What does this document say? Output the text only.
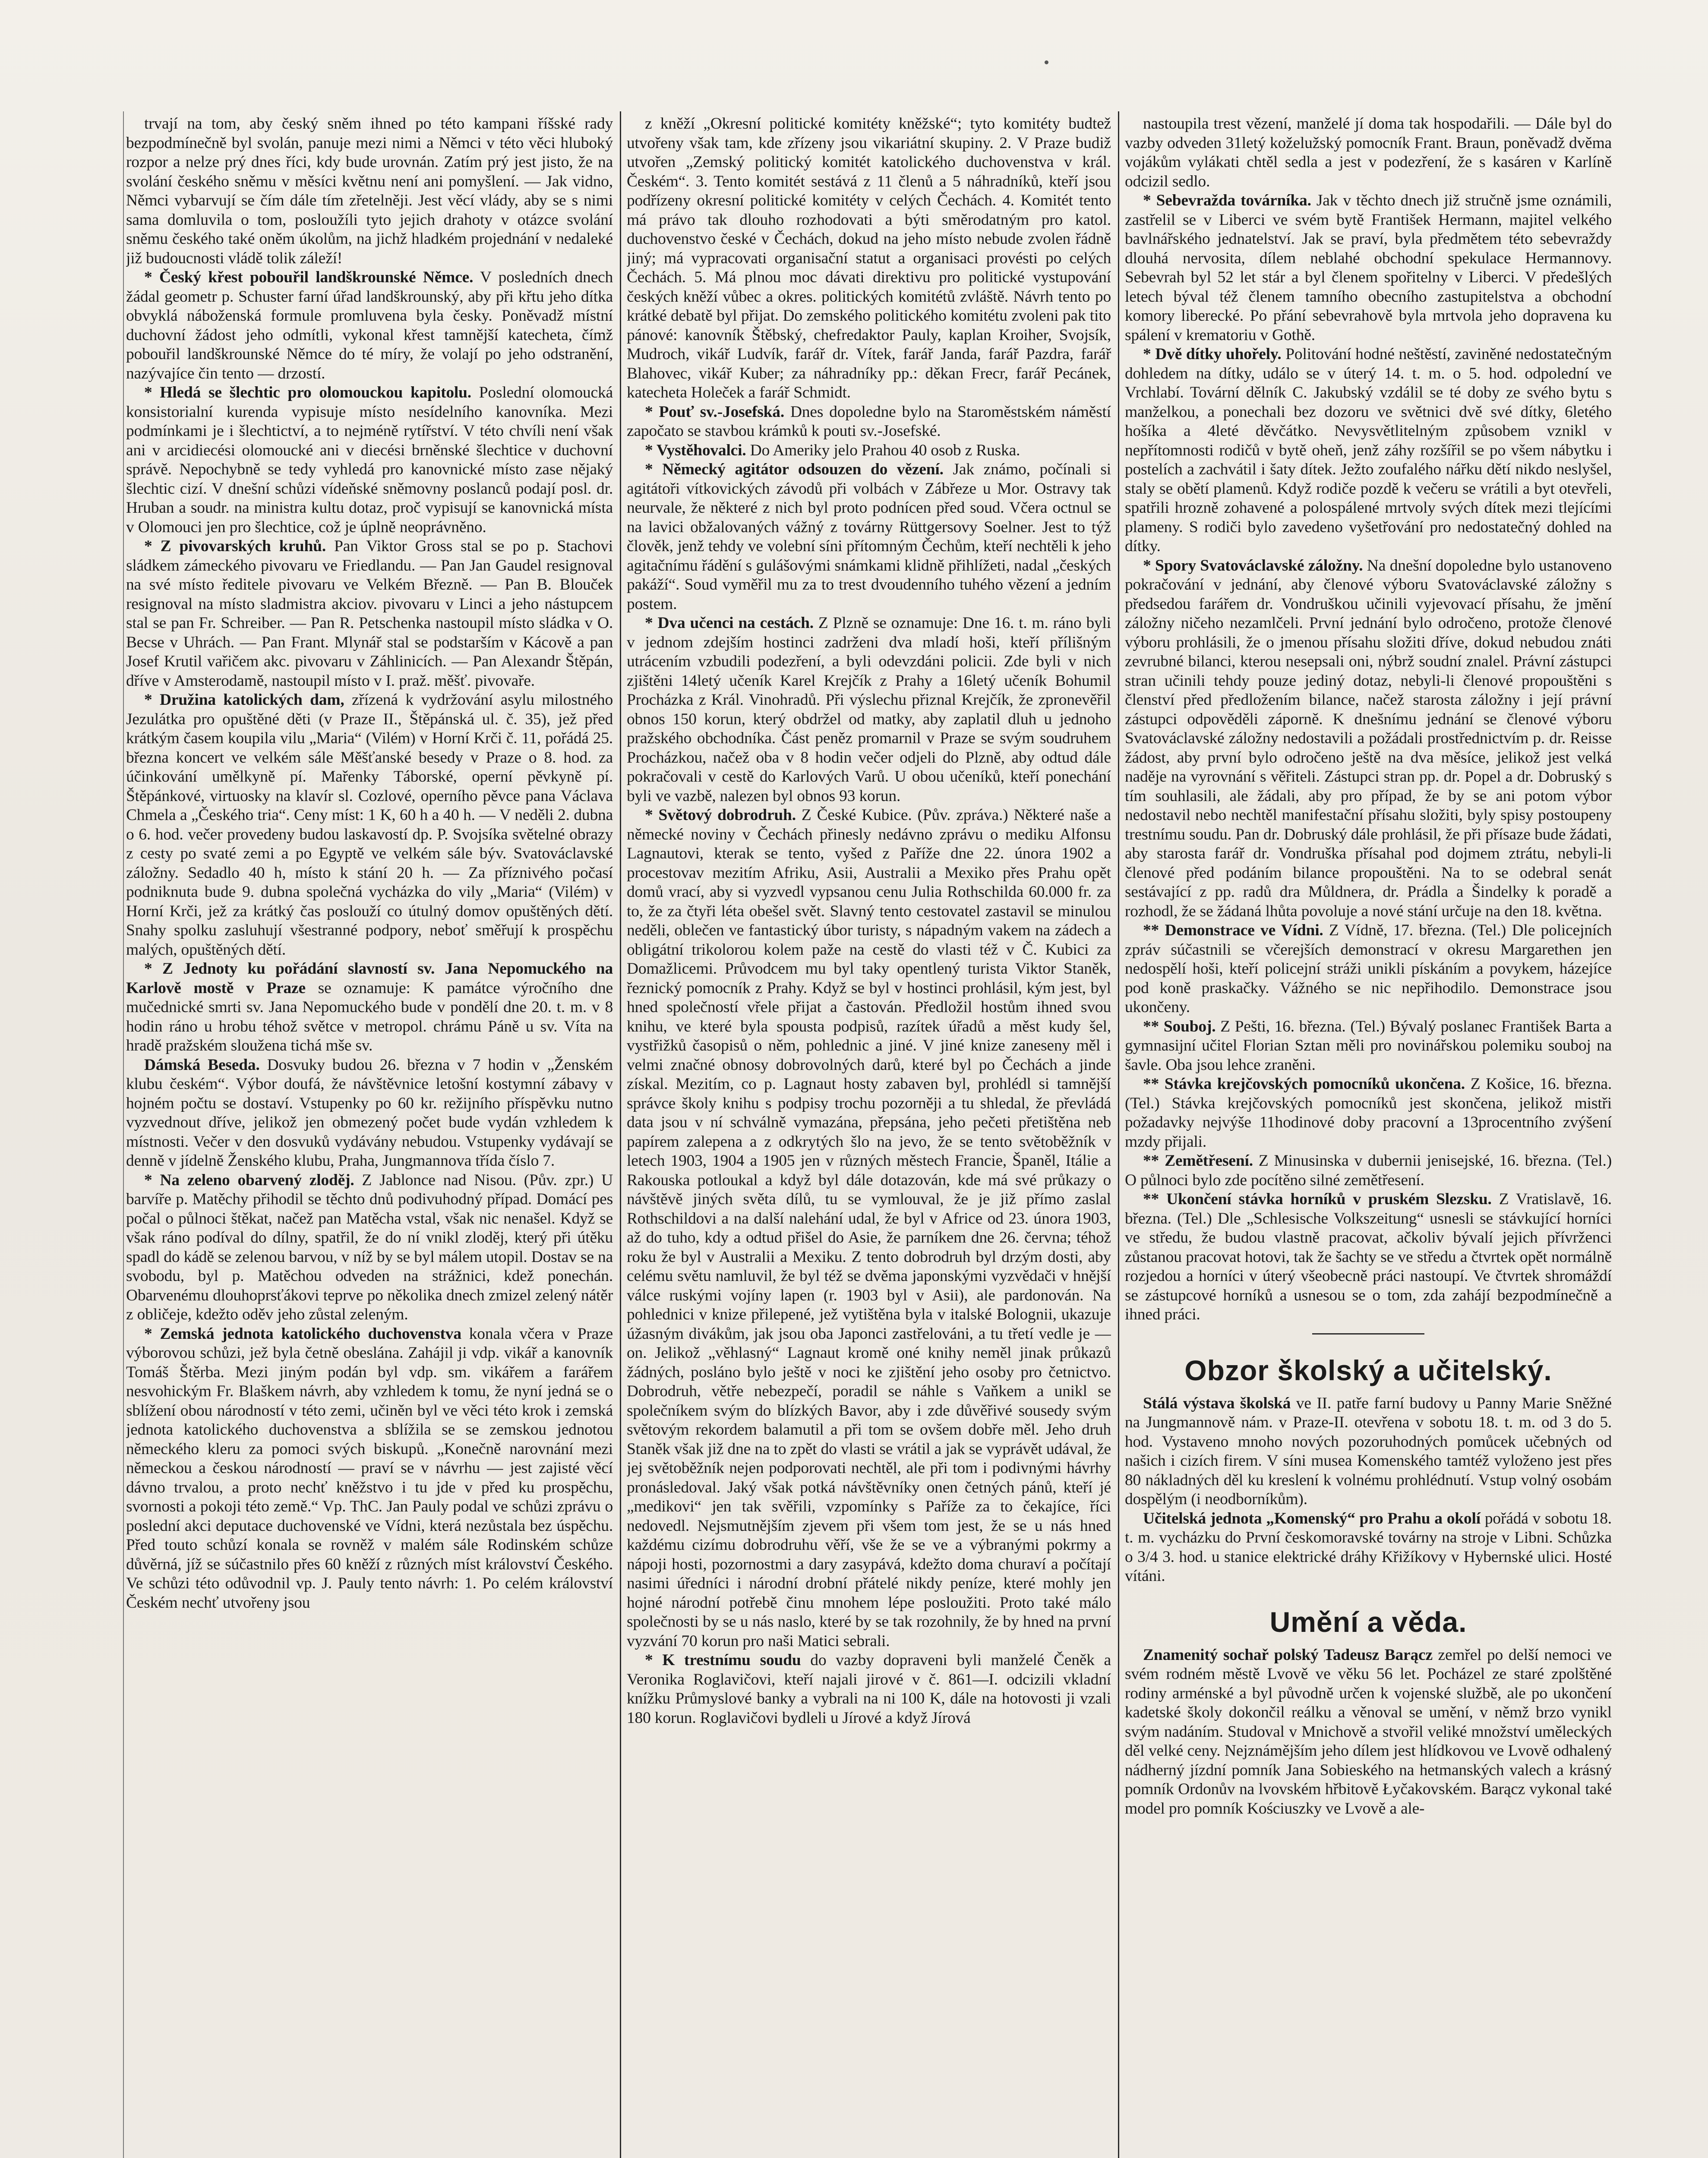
trvají na tom, aby český sněm ihned po této kampani říšské rady bezpodmínečně byl svolán, panuje mezi nimi a Němci v této věci hluboký rozpor a nelze prý dnes říci, kdy bude urovnán. Zatím prý jest jisto, že na svolání českého sněmu v měsíci květnu není ani pomyšlení. — Jak vidno, Němci vybarvují se čím dále tím zřetelněji. Jest věcí vlády, aby se s nimi sama domluvila o tom, posloužíli tyto jejich drahoty v otázce svolání sněmu českého také oněm úkolům, na jichž hladkém projednání v nedaleké již budoucnosti vládě tolik záleží!

* Český křest pobouřil landškrounské Němce. V posledních dnech žádal geometr p. Schuster farní úřad landškrounský, aby při křtu jeho dítka obvyklá náboženská formule promluvena byla česky. Poněvadž místní duchovní žádost jeho odmítli, vykonal křest tamnější katecheta, čímž pobouřil landškrounské Němce do té míry, že volají po jeho odstranění, nazývajíce čin tento — drzostí.

* Hledá se šlechtic pro olomouckou kapitolu. Poslední olomoucká konsistorialní kurenda vypisuje místo nesídelního kanovníka. Mezi podmínkami je i šlechtictví, a to nejméně rytířství. V této chvíli není však ani v arcidiecési olomoucké ani v diecési brněnské šlechtice v duchovní správě. Nepochybně se tedy vyhledá pro kanovnické místo zase nějaký šlechtic cizí. V dnešní schůzi vídeňské sněmovny poslanců podají posl. dr. Hruban a soudr. na ministra kultu dotaz, proč vypisují se kanovnická místa v Olomouci jen pro šlechtice, což je úplně neoprávněno.

* Z pivovarských kruhů. Pan Viktor Gross stal se po p. Stachovi sládkem zámeckého pivovaru ve Friedlandu. — Pan Jan Gaudel resignoval na své místo ředitele pivovaru ve Velkém Březně. — Pan B. Blouček resignoval na místo sladmistra akciov. pivovaru v Linci a jeho nástupcem stal se pan Fr. Schreiber. — Pan R. Petschenka nastoupil místo sládka v O. Becse v Uhrách. — Pan Frant. Mlynář stal se podstarším v Kácově a pan Josef Krutil vařičem akc. pivovaru v Záhlinicích. — Pan Alexandr Štěpán, dříve v Amsterodamě, nastoupil místo v I. praž. měšť. pivovaře.

* Družina katolických dam, zřízená k vydržování asylu milostného Jezulátka pro opuštěné děti (v Praze II., Štěpánská ul. č. 35), jež před krátkým časem koupila vilu „Maria“ (Vilém) v Horní Krči č. 11, pořádá 25. března koncert ve velkém sále Měšťanské besedy v Praze o 8. hod. za účinkování umělkyně pí. Mařenky Táborské, operní pěvkyně pí. Štěpánkové, virtuosky na klavír sl. Cozlové, operního pěvce pana Václava Chmela a „Českého tria“. Ceny míst: 1 K, 60 h a 40 h. — V neděli 2. dubna o 6. hod. večer provedeny budou laskavostí dp. P. Svojsíka světelné obrazy z cesty po svaté zemi a po Egyptě ve velkém sále býv. Svatováclavské záložny. Sedadlo 40 h, místo k stání 20 h. — Za příznivého počasí podniknuta bude 9. dubna společná vycházka do vily „Maria“ (Vilém) v Horní Krči, jež za krátký čas poslouží co útulný domov opuštěných dětí. Snahy spolku zasluhují všestranné podpory, neboť směřují k prospěchu malých, opuštěných dětí.

* Z Jednoty ku pořádání slavností sv. Jana Nepomuckého na Karlově mostě v Praze se oznamuje: K památce výročního dne mučednické smrti sv. Jana Nepomuckého bude v pondělí dne 20. t. m. v 8 hodin ráno u hrobu téhož světce v metropol. chrámu Páně u sv. Víta na hradě pražském sloužena tichá mše sv.

Dámská Beseda. Dosvuky budou 26. března v 7 hodin v „Ženském klubu českém“. Výbor doufá, že návštěvnice letošní kostymní zábavy v hojném počtu se dostaví. Vstupenky po 60 kr. režijního příspěvku nutno vyzvednout dříve, jelikož jen obmezený počet bude vydán vzhledem k místnosti. Večer v den dosvuků vydávány nebudou. Vstupenky vydávají se denně v jídelně Ženského klubu, Praha, Jungmannova třída číslo 7.

* Na zeleno obarvený zloděj. Z Jablonce nad Nisou. (Pův. zpr.) U barvíře p. Matěchy přihodil se těchto dnů podivuhodný případ. Domácí pes počal o půlnoci štěkat, načež pan Matěcha vstal, však nic nenašel. Když se však ráno podíval do dílny, spatřil, že do ní vnikl zloděj, který při útěku spadl do kádě se zelenou barvou, v níž by se byl málem utopil. Dostav se na svobodu, byl p. Matěchou odveden na strážnici, kdež ponechán. Obarvenému dlouhoprsťákovi teprve po několika dnech zmizel zelený nátěr z obličeje, kdežto oděv jeho zůstal zeleným.

* Zemská jednota katolického duchovenstva konala včera v Praze výborovou schůzi, jež byla četně obeslána. Zahájil ji vdp. vikář a kanovník Tomáš Štěrba. Mezi jiným podán byl vdp. sm. vikářem a farářem nesvohickým Fr. Blaškem návrh, aby vzhledem k tomu, že nyní jedná se o sblížení obou národností v této zemi, učiněn byl ve věci této krok i zemská jednota katolického duchovenstva a sblížila se se zemskou jednotou německého kleru za pomoci svých biskupů. „Konečně narovnání mezi německou a českou národností — praví se v návrhu — jest zajisté věcí dávno trvalou, a proto nechť kněžstvo i tu jde v před ku prospěchu, svornosti a pokoji této země.“ Vp. ThC. Jan Pauly podal ve schůzi zprávu o poslední akci deputace duchovenské ve Vídni, která nezůstala bez úspěchu. Před touto schůzí konala se rovněž v malém sále Rodinském schůze důvěrná, jíž se súčastnilo přes 60 kněží z různých míst království Českého. Ve schůzi této odůvodnil vp. J. Pauly tento návrh: 1. Po celém království Českém nechť utvořeny jsou

z kněží „Okresní politické komitéty kněžské“; tyto komitéty budtež utvořeny však tam, kde zřízeny jsou vikariátní skupiny. 2. V Praze budiž utvořen „Zemský politický komitét katolického duchovenstva v král. Českém“. 3. Tento komitét sestává z 11 členů a 5 náhradníků, kteří jsou podřízeny okresní politické komitéty v celých Čechách. 4. Komitét tento má právo tak dlouho rozhodovati a býti směrodatným pro katol. duchovenstvo české v Čechách, dokud na jeho místo nebude zvolen řádně jiný; má vypracovati organisační statut a organisaci provésti po celých Čechách. 5. Má plnou moc dávati direktivu pro politické vystupování českých kněží vůbec a okres. politických komitétů zvláště. Návrh tento po krátké debatě byl přijat. Do zemského politického komitétu zvoleni pak tito pánové: kanovník Štěbský, chefredaktor Pauly, kaplan Kroiher, Svojsík, Mudroch, vikář Ludvík, farář dr. Vítek, farář Janda, farář Pazdra, farář Blahovec, vikář Kuber; za náhradníky pp.: děkan Frecr, farář Pecánek, katecheta Holeček a farář Schmidt.

* Pouť sv.-Josefská. Dnes dopoledne bylo na Staroměstském náměstí započato se stavbou krámků k pouti sv.-Josefské.

* Vystěhovalci. Do Ameriky jelo Prahou 40 osob z Ruska.

* Německý agitátor odsouzen do vězení. Jak známo, počínali si agitátoři vítkovických závodů při volbách v Zábřeze u Mor. Ostravy tak neurvale, že některé z nich byl proto podnícen před soud. Včera octnul se na lavici obžalovaných vážný z továrny Rüttgersovy Soelner. Jest to týž člověk, jenž tehdy ve volební síni přítomným Čechům, kteří nechtěli k jeho agitačnímu řádění s gulášovými snámkami klidně přihlížeti, nadal „českých pakáží“. Soud vyměřil mu za to trest dvoudenního tuhého vězení a jedním postem.

* Dva učenci na cestách. Z Plzně se oznamuje: Dne 16. t. m. ráno byli v jednom zdejším hostinci zadrženi dva mladí hoši, kteří přílišným utrácením vzbudili podezření, a byli odevzdáni policii. Zde byli v nich zjištěni 14letý učeník Karel Krejčík z Prahy a 16letý učeník Bohumil Procházka z Král. Vinohradů. Při výslechu přiznal Krejčík, že zpronevěřil obnos 150 korun, který obdržel od matky, aby zaplatil dluh u jednoho pražského obchodníka. Část peněz promarnil v Praze se svým soudruhem Procházkou, načež oba v 8 hodin večer odjeli do Plzně, aby odtud dále pokračovali v cestě do Karlových Varů. U obou učeníků, kteří ponechání byli ve vazbě, nalezen byl obnos 93 korun.

* Světový dobrodruh. Z České Kubice. (Pův. zpráva.) Některé naše a německé noviny v Čechách přinesly nedávno zprávu o mediku Alfonsu Lagnautovi, kterak se tento, vyšed z Paříže dne 22. února 1902 a procestovav mezitím Afriku, Asii, Australii a Mexiko přes Prahu opět domů vrací, aby si vyzvedl vypsanou cenu Julia Rothschilda 60.000 fr. za to, že za čtyři léta obešel svět. Slavný tento cestovatel zastavil se minulou neděli, oblečen ve fantastický úbor turisty, s nápadným vakem na zádech a obligátní trikolorou kolem paže na cestě do vlasti též v Č. Kubici za Domažlicemi. Průvodcem mu byl taky opentlený turista Viktor Staněk, řeznický pomocník z Prahy. Když se byl v hostinci prohlásil, kým jest, byl hned společností vřele přijat a častován. Předložil hostům ihned svou knihu, ve které byla spousta podpisů, razítek úřadů a měst kudy šel, vystřižků časopisů o něm, pohlednic a jiné. V jiné knize zaneseny měl i velmi značné obnosy dobrovolných darů, které byl po Čechách a jinde získal. Mezitím, co p. Lagnaut hosty zabaven byl, prohlédl si tamnější správce školy knihu s podpisy trochu pozorněji a tu shledal, že převládá data jsou v ní schválně vymazána, přepsána, jeho pečeti přetištěna neb papírem zalepena a z odkrytých šlo na jevo, že se tento světoběžník v letech 1903, 1904 a 1905 jen v různých městech Francie, Španěl, Itálie a Rakouska potloukal a když byl dále dotazován, kde má své průkazy o návštěvě jiných světa dílů, tu se vymlouval, že je již přímo zaslal Rothschildovi a na další nalehání udal, že byl v Africe od 23. února 1903, až do tuho, kdy a odtud přišel do Asie, že parníkem dne 26. června; téhož roku že byl v Australii a Mexiku. Z tento dobrodruh byl drzým dosti, aby celému světu namluvil, že byl též se dvěma japonskými vyzvědači v hnější válce ruskými vojíny lapen (r. 1903 byl v Asii), ale pardonován. Na pohlednici v knize přilepené, jež vytištěna byla v italské Bolognii, ukazuje úžasným divákům, jak jsou oba Japonci zastřelováni, a tu třetí vedle je — on. Jelikož „věhlasný“ Lagnaut kromě oné knihy neměl jinak průkazů žádných, posláno bylo ještě v noci ke zjištění jeho osoby pro četnictvo. Dobrodruh, větře nebezpečí, poradil se náhle s Vaňkem a unikl se společníkem svým do blízkých Bavor, aby i zde důvěřivé sousedy svým světovým rekordem balamutil a při tom se ovšem dobře měl. Jeho druh Staněk však již dne na to zpět do vlasti se vrátil a jak se vyprávět udával, že jej světoběžník nejen podporovati nechtěl, ale při tom i podivnými hávrhy pronásledoval. Jaký však potká návštěvníky onen četných pánů, kteří jé „medikovi“ jen tak svěřili, vzpomínky s Paříže za to čekajíce, říci nedovedl. Nejsmutnějším zjevem při všem tom jest, že se u nás hned každému cizímu dobrodruhu věří, vše že se ve a výbranými pokrmy a nápoji hosti, pozornostmi a dary zasypává, kdežto doma churaví a počítají nasimi úředníci i národní drobní přátelé nikdy peníze, které mohly jen hojné národní potřebě činu mnohem lépe posloužiti. Proto také málo společnosti by se u nás naslo, které by se tak rozohnily, že by hned na první vyzvání 70 korun pro naši Matici sebrali.

* K trestnímu soudu do vazby dopraveni byli manželé Čeněk a Veronika Roglavičovi, kteří najali jirové v č. 861—I. odcizili vkladní knížku Průmyslové banky a vybrali na ni 100 K, dále na hotovosti ji vzali 180 korun. Roglavičovi bydleli u Jírové a když Jírová

nastoupila trest vězení, manželé jí doma tak hospodařili. — Dále byl do vazby odveden 31letý koželužský pomocník Frant. Braun, poněvadž dvěma vojákům vylákati chtěl sedla a jest v podezření, že s kasáren v Karlíně odcizil sedlo.

* Sebevražda továrníka. Jak v těchto dnech již stručně jsme oznámili, zastřelil se v Liberci ve svém bytě František Hermann, majitel velkého bavlnářského jednatelství. Jak se praví, byla předmětem této sebevraždy dlouhá nervosita, dílem neblahé obchodní spekulace Hermannovy. Sebevrah byl 52 let stár a byl členem spořitelny v Liberci. V předešlých letech býval též členem tamního obecního zastupitelstva a obchodní komory liberecké. Po přání sebevrahově byla mrtvola jeho dopravena ku spálení v krematoriu v Gothě.

* Dvě dítky uhořely. Politování hodné neštěstí, zaviněné nedostatečným dohledem na dítky, událo se v úterý 14. t. m. o 5. hod. odpolední ve Vrchlabí. Tovární dělník C. Jakubský vzdálil se té doby ze svého bytu s manželkou, a ponechali bez dozoru ve světnici dvě své dítky, 6letého hošíka a 4leté děvčátko. Nevysvětlitelným způsobem vznikl v nepřítomnosti rodičů v bytě oheň, jenž záhy rozšířil se po všem nábytku i postelích a zachvátil i šaty dítek. Ježto zoufalého nářku dětí nikdo neslyšel, staly se obětí plamenů. Když rodiče pozdě k večeru se vrátili a byt otevřeli, spatřili hrozně zohavené a polospálené mrtvoly svých dítek mezi tlejícími plameny. S rodiči bylo zavedeno vyšetřování pro nedostatečný dohled na dítky.

* Spory Svatováclavské záložny. Na dnešní dopoledne bylo ustanoveno pokračování v jednání, aby členové výboru Svatováclavské záložny s předsedou farářem dr. Vondruškou učinili vyjevovací přísahu, že jmění záložny ničeho nezamlčeli. První jednání bylo odročeno, protože členové výboru prohlásili, že o jmenou přísahu složiti dříve, dokud nebudou znáti zevrubné bilanci, kterou nesepsali oni, nýbrž soudní znalel. Právní zástupci stran učinili tehdy pouze jediný dotaz, nebyli-li členové propouštěni s členství před předložením bilance, načež starosta záložny i její právní zástupci odpověděli záporně. K dnešnímu jednání se členové výboru Svatováclavské záložny nedostavili a požádali prostřednictvím p. dr. Reisse žádost, aby první bylo odročeno ještě na dva měsíce, jelikož jest velká naděje na vyrovnání s věřiteli. Zástupci stran pp. dr. Popel a dr. Dobruský s tím souhlasili, ale žádali, aby pro případ, že by se ani potom výbor nedostavil nebo nechtěl manifestační přísahu složiti, byly spisy postoupeny trestnímu soudu. Pan dr. Dobruský dále prohlásil, že při přísaze bude žádati, aby starosta farář dr. Vondruška přísahal pod dojmem ztrátu, nebyli-li členové před podáním bilance propouštěni. Na to se odebral senát sestávající z pp. radů dra Můldnera, dr. Prádla a Šindelky k poradě a rozhodl, že se žádaná lhůta povoluje a nové stání určuje na den 18. května.

** Demonstrace ve Vídni. Z Vídně, 17. března. (Tel.) Dle policejních zpráv súčastnili se včerejších demonstrací v okresu Margarethen jen nedospělí hoši, kteří policejní stráži unikli pískáním a povykem, házejíce pod koně praskačky. Vážného se nic nepřihodilo. Demonstrace jsou ukončeny.

** Souboj. Z Pešti, 16. března. (Tel.) Bývalý poslanec František Barta a gymnasijní učitel Florian Sztan měli pro novinářskou polemiku souboj na šavle. Oba jsou lehce zraněni.

** Stávka krejčovských pomocníků ukončena. Z Košice, 16. března. (Tel.) Stávka krejčovských pomocníků jest skončena, jelikož mistři požadavky nejvýše 11hodinové doby pracovní a 13procentního zvýšení mzdy přijali.

** Zemětřesení. Z Minusinska v dubernii jenisejské, 16. března. (Tel.) O půlnoci bylo zde pocítěno silné zemětřesení.

** Ukončení stávka horníků v pruském Slezsku. Z Vratislavě, 16. března. (Tel.) Dle „Schlesische Volkszeitung“ usnesli se stávkující horníci ve středu, že budou vlastně pracovat, ačkoliv bývalí jejich přívrženci zůstanou pracovat hotovi, tak že šachty se ve středu a čtvrtek opět normálně rozjedou a horníci v úterý všeobecně práci nastoupí. Ve čtvrtek shromáždí se zástupcové horníků a usnesou se o tom, zda zahájí bezpodmínečně a ihned práci.

Obzor školský a učitelský.

Stálá výstava školská ve II. patře farní budovy u Panny Marie Sněžné na Jungmannově nám. v Praze-II. otevřena v sobotu 18. t. m. od 3 do 5. hod. Vystaveno mnoho nových pozoruhodných pomůcek učebných od našich i cizích firem. V síni musea Komenského tamtéž vyloženo jest přes 80 nákladných děl ku kreslení k volnému prohlédnutí. Vstup volný osobám dospělým (i neodborníkům).

Učitelská jednota „Komenský“ pro Prahu a okolí pořádá v sobotu 18. t. m. vycházku do První českomoravské továrny na stroje v Libni. Schůzka o 3/4 3. hod. u stanice elektrické dráhy Křižíkovy v Hybernské ulici. Hosté vítáni.

Umění a věda.

Znamenitý sochař polský Tadeusz Barącz zemřel po delší nemoci ve svém rodném městě Lvově ve věku 56 let. Pocházel ze staré zpolštěné rodiny arménské a byl původně určen k vojenské službě, ale po ukončení kadetské školy dokončil reálku a věnoval se umění, v němž brzo vynikl svým nadáním. Studoval v Mnichově a stvořil veliké množství uměleckých děl velké ceny. Nejznámějším jeho dílem jest hlídkovou ve Lvově odhalený nádherný jízdní pomník Jana Sobieského na hetmanských valech a krásný pomník Ordonův na lvovském hřbitově Łyčakovském. Barącz vykonal také model pro pomník Kościuszky ve Lvově a ale-
